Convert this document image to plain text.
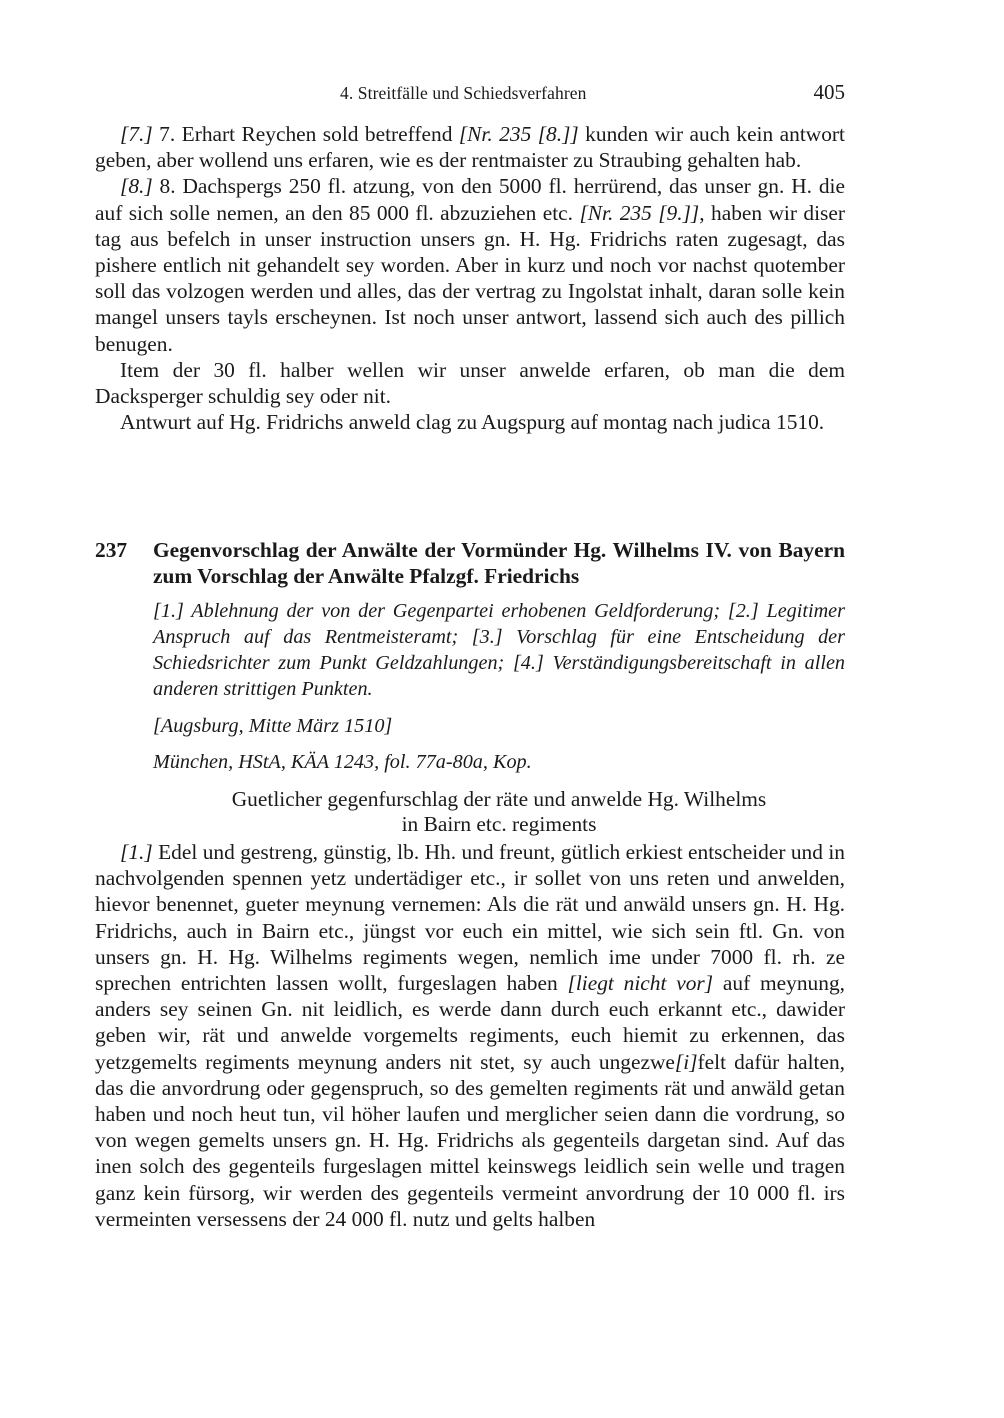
4. Streitfälle und Schiedsverfahren	405

[7.] 7. Erhart Reychen sold betreffend [Nr. 235 [8.]] kunden wir auch kein antwort geben, aber wollend uns erfaren, wie es der rentmaister zu Straubing gehalten hab.

[8.] 8. Dachspergs 250 fl. atzung, von den 5000 fl. herrürend, das unser gn. H. die auf sich solle nemen, an den 85 000 fl. abzuziehen etc. [Nr. 235 [9.]], haben wir diser tag aus befelch in unser instruction unsers gn. H. Hg. Fridrichs raten zugesagt, das pishere entlich nit gehandelt sey worden. Aber in kurz und noch vor nachst quotember soll das volzogen werden und alles, das der vertrag zu Ingolstat inhalt, daran solle kein mangel unsers tayls erscheynen. Ist noch unser antwort, lassend sich auch des pillich benugen.

Item der 30 fl. halber wellen wir unser anwelde erfaren, ob man die dem Dacksperger schuldig sey oder nit.

Antwurt auf Hg. Fridrichs anweld clag zu Augspurg auf montag nach judica 1510.

237	Gegenvorschlag der Anwälte der Vormünder Hg. Wilhelms IV. von Bayern zum Vorschlag der Anwälte Pfalzgf. Friedrichs

[1.] Ablehnung der von der Gegenpartei erhobenen Geldforderung; [2.] Legitimer Anspruch auf das Rentmeisteramt; [3.] Vorschlag für eine Entscheidung der Schiedsrichter zum Punkt Geldzahlungen; [4.] Verständigungsbereitschaft in allen anderen strittigen Punkten.

[Augsburg, Mitte März 1510]

München, HStA, KÄA 1243, fol. 77a-80a, Kop.

Guetlicher gegenfurschlag der räte und anwelde Hg. Wilhelms
in Bairn etc. regiments

[1.] Edel und gestreng, günstig, lb. Hh. und freunt, gütlich erkiest entscheider und in nachvolgenden spennen yetz undertädiger etc., ir sollet von uns reten und anwelden, hievor benennet, gueter meynung vernemen: Als die rät und anwäld unsers gn. H. Hg. Fridrichs, auch in Bairn etc., jüngst vor euch ein mittel, wie sich sein ftl. Gn. von unsers gn. H. Hg. Wilhelms regiments wegen, nemlich ime under 7000 fl. rh. ze sprechen entrichten lassen wollt, furgeslagen haben [liegt nicht vor] auf meynung, anders sey seinen Gn. nit leidlich, es werde dann durch euch erkannt etc., dawider geben wir, rät und anwelde vorgemelts regiments, euch hiemit zu erkennen, das yetzgemelts regiments meynung anders nit stet, sy auch ungezwe[i]felt dafür halten, das die anvordrung oder gegenspruch, so des gemelten regiments rät und anwäld getan haben und noch heut tun, vil höher laufen und merglicher seien dann die vordrung, so von wegen gemelts unsers gn. H. Hg. Fridrichs als gegenteils dargetan sind. Auf das inen solch des gegenteils furgeslagen mittel keinswegs leidlich sein welle und tragen ganz kein fürsorg, wir werden des gegenteils vermeint anvordrung der 10 000 fl. irs vermeinten versessens der 24 000 fl. nutz und gelts halben
